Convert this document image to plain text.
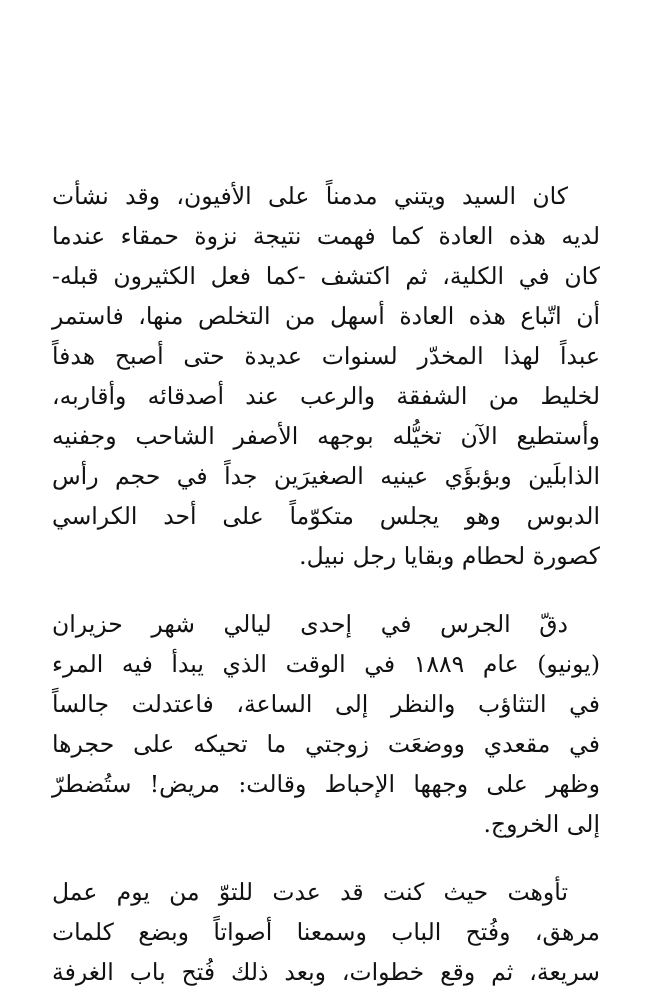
كان السيد ويتني مدمناً على الأفيون، وقد نشأت
لديه هذه العادة كما فهمت نتيجة نزوة حمقاء عندما
كان في الكلية، ثم اكتشف -كما فعل الكثيرون قبله-
أن اتّباع هذه العادة أسهل من التخلص منها، فاستمر
عبداً لهذا المخدّر لسنوات عديدة حتى أصبح هدفاً
لخليط من الشفقة والرعب عند أصدقائه وأقاربه،
وأستطيع الآن تخيُّله بوجهه الأصفر الشاحب وجفنيه
الذابلَين وبؤبؤَي عينيه الصغيرَين جداً في حجم رأس
الدبوس وهو يجلس متكوّماً على أحد الكراسي
كصورة لحطام وبقايا رجل نبيل.

دقّ الجرس في إحدى ليالي شهر حزيران
(يونيو) عام ١٨٨٩ في الوقت الذي يبدأ فيه المرء
في التثاؤب والنظر إلى الساعة، فاعتدلت جالساً
في مقعدي ووضعَت زوجتي ما تحيكه على حجرها
وظهر على وجهها الإحباط وقالت: مريض! ستُضطرّ
إلى الخروج.

تأوهت حيث كنت قد عدت للتوّ من يوم عمل
مرهق، وفُتح الباب وسمعنا أصواتاً وبضع كلمات
سريعة، ثم وقع خطوات، وبعد ذلك فُتح باب الغرفة
